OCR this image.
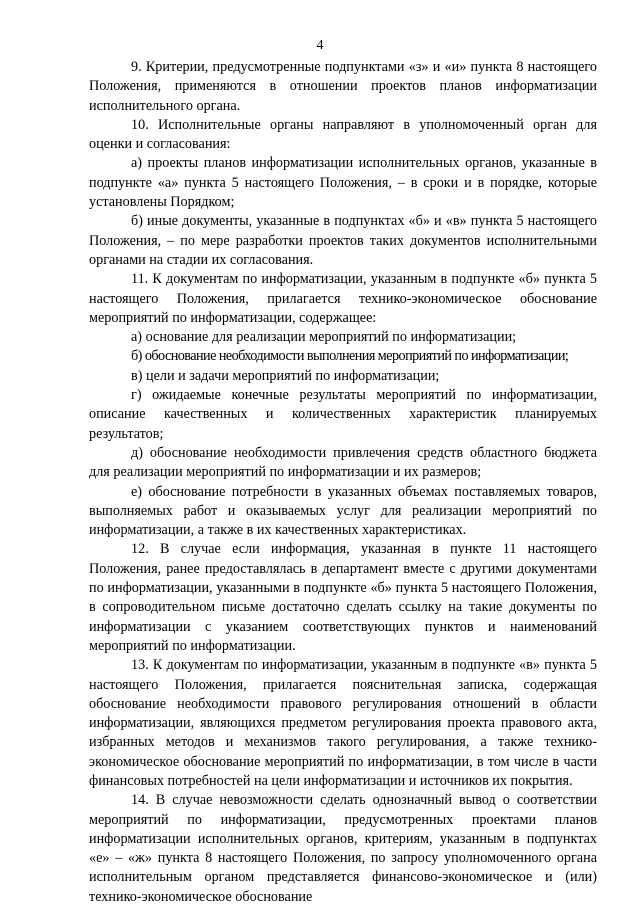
4

9. Критерии, предусмотренные подпунктами «з» и «и» пункта 8 настоящего Положения, применяются в отношении проектов планов информатизации исполнительного органа.

10. Исполнительные органы направляют в уполномоченный орган для оценки и согласования:

а) проекты планов информатизации исполнительных органов, указанные в подпункте «а» пункта 5 настоящего Положения, – в сроки и в порядке, которые установлены Порядком;

б) иные документы, указанные в подпунктах «б» и «в» пункта 5 настоящего Положения, – по мере разработки проектов таких документов исполнительными органами на стадии их согласования.

11. К документам по информатизации, указанным в подпункте «б» пункта 5 настоящего Положения, прилагается технико-экономическое обоснование мероприятий по информатизации, содержащее:

а) основание для реализации мероприятий по информатизации;

б) обоснование необходимости выполнения мероприятий по информатизации;

в) цели и задачи мероприятий по информатизации;

г) ожидаемые конечные результаты мероприятий по информатизации, описание качественных и количественных характеристик планируемых результатов;

д) обоснование необходимости привлечения средств областного бюджета для реализации мероприятий по информатизации и их размеров;

е) обоснование потребности в указанных объемах поставляемых товаров, выполняемых работ и оказываемых услуг для реализации мероприятий по информатизации, а также в их качественных характеристиках.

12. В случае если информация, указанная в пункте 11 настоящего Положения, ранее предоставлялась в департамент вместе с другими документами по информатизации, указанными в подпункте «б» пункта 5 настоящего Положения, в сопроводительном письме достаточно сделать ссылку на такие документы по информатизации с указанием соответствующих пунктов и наименований мероприятий по информатизации.

13. К документам по информатизации, указанным в подпункте «в» пункта 5 настоящего Положения, прилагается пояснительная записка, содержащая обоснование необходимости правового регулирования отношений в области информатизации, являющихся предметом регулирования проекта правового акта, избранных методов и механизмов такого регулирования, а также технико-экономическое обоснование мероприятий по информатизации, в том числе в части финансовых потребностей на цели информатизации и источников их покрытия.

14. В случае невозможности сделать однозначный вывод о соответствии мероприятий по информатизации, предусмотренных проектами планов информатизации исполнительных органов, критериям, указанным в подпунктах «е» – «ж» пункта 8 настоящего Положения, по запросу уполномоченного органа исполнительным органом представляется финансово-экономическое и (или) технико-экономическое обоснование
